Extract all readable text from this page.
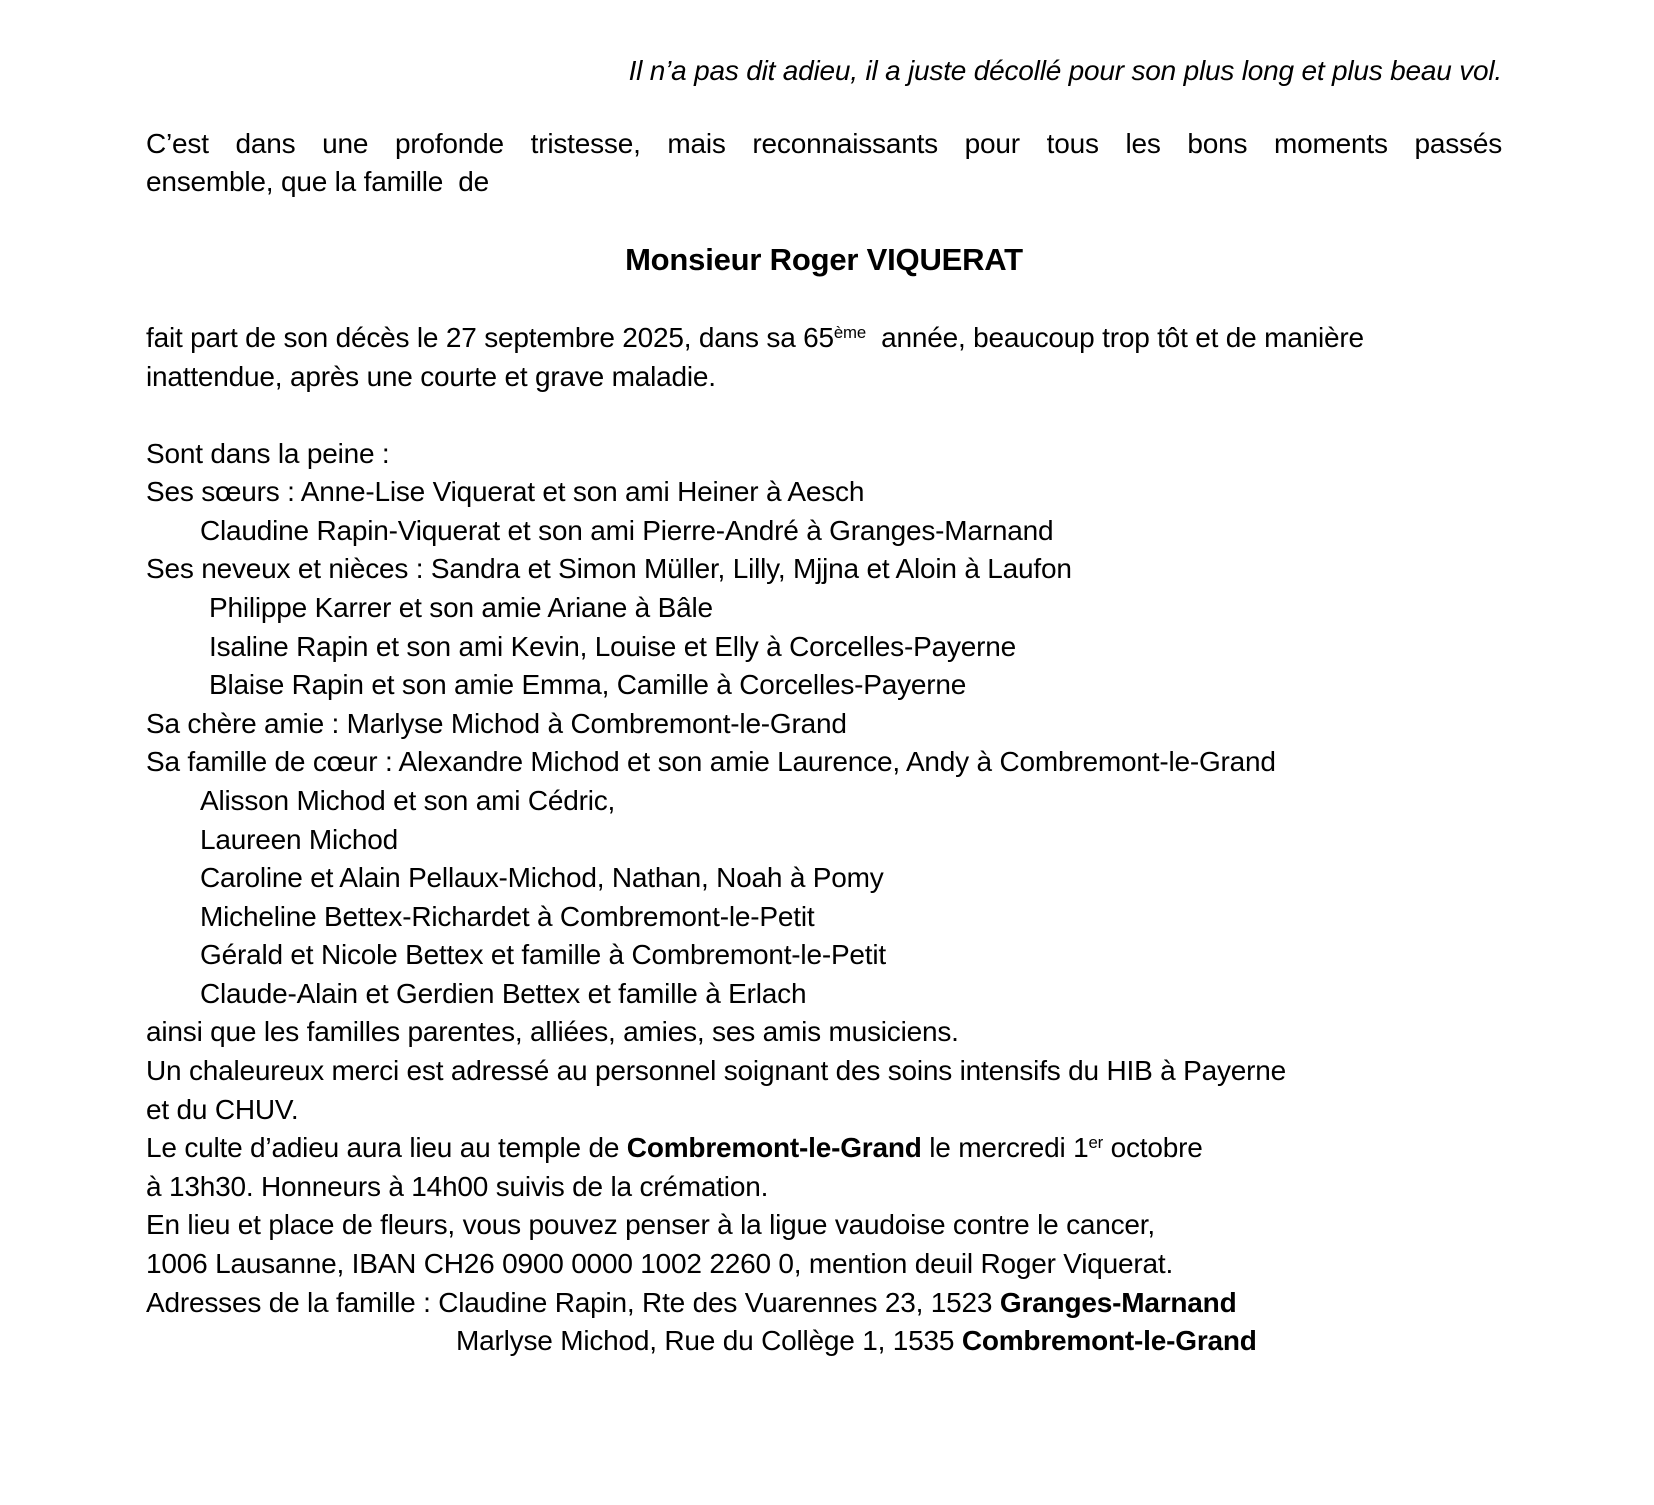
Il n’a pas dit adieu, il a juste décollé pour son plus long et plus beau vol.
C’est dans une profonde tristesse, mais reconnaissants pour tous les bons moments passés
ensemble, que la famille  de
Monsieur Roger VIQUERAT
fait part de son décès le 27 septembre 2025, dans sa 65ème  année, beaucoup trop tôt et de manière
inattendue, après une courte et grave maladie.
Sont dans la peine :
Ses sœurs : Anne-Lise Viquerat et son ami Heiner à Aesch
Claudine Rapin-Viquerat et son ami Pierre-André à Granges-Marnand
Ses neveux et nièces : Sandra et Simon Müller, Lilly, Mjjna et Aloin à Laufon
Philippe Karrer et son amie Ariane à Bâle
Isaline Rapin et son ami Kevin, Louise et Elly à Corcelles-Payerne
Blaise Rapin et son amie Emma, Camille à Corcelles-Payerne
Sa chère amie : Marlyse Michod à Combremont-le-Grand
Sa famille de cœur : Alexandre Michod et son amie Laurence, Andy à Combremont-le-Grand
Alisson Michod et son ami Cédric,
Laureen Michod
Caroline et Alain Pellaux-Michod, Nathan, Noah à Pomy
Micheline Bettex-Richardet à Combremont-le-Petit
Gérald et Nicole Bettex et famille à Combremont-le-Petit
Claude-Alain et Gerdien Bettex et famille à Erlach
ainsi que les familles parentes, alliées, amies, ses amis musiciens.
Un chaleureux merci est adressé au personnel soignant des soins intensifs du HIB à Payerne
et du CHUV.
Le culte d’adieu aura lieu au temple de Combremont-le-Grand le mercredi 1er octobre
à 13h30. Honneurs à 14h00 suivis de la crémation.
En lieu et place de fleurs, vous pouvez penser à la ligue vaudoise contre le cancer,
1006 Lausanne, IBAN CH26 0900 0000 1002 2260 0, mention deuil Roger Viquerat.
Adresses de la famille : Claudine Rapin, Rte des Vuarennes 23, 1523 Granges-Marnand
Marlyse Michod, Rue du Collège 1, 1535 Combremont-le-Grand
